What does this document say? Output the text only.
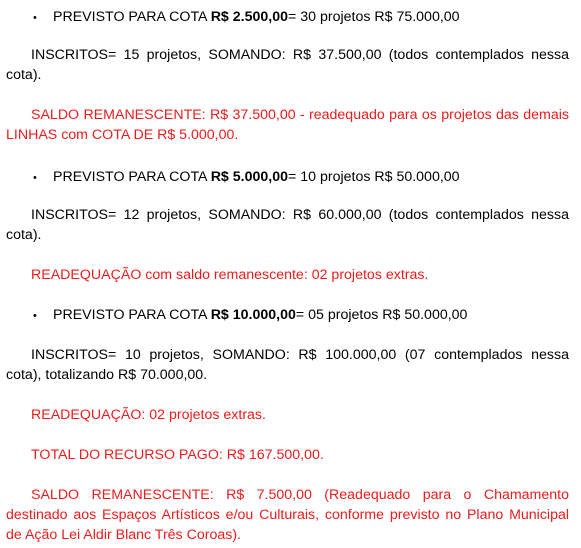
•	PREVISTO PARA COTA R$ 2.500,00= 30 projetos R$ 75.000,00

INSCRITOS= 15 projetos, SOMANDO: R$ 37.500,00 (todos contemplados nessa cota).

SALDO REMANESCENTE: R$ 37.500,00 - readequado para os projetos das demais LINHAS com COTA DE R$ 5.000,00.

•	PREVISTO PARA COTA R$ 5.000,00= 10 projetos R$ 50.000,00

INSCRITOS= 12 projetos, SOMANDO: R$ 60.000,00 (todos contemplados nessa cota).

READEQUAÇÃO com saldo remanescente: 02 projetos extras.

•	PREVISTO PARA COTA R$ 10.000,00= 05 projetos R$ 50.000,00

INSCRITOS= 10 projetos, SOMANDO: R$ 100.000,00 (07 contemplados nessa cota), totalizando R$ 70.000,00.

READEQUAÇÃO: 02 projetos extras.

TOTAL DO RECURSO PAGO: R$ 167.500,00.

SALDO REMANESCENTE: R$ 7.500,00 (Readequado para o Chamamento destinado aos Espaços Artísticos e/ou Culturais, conforme previsto no Plano Municipal de Ação Lei Aldir Blanc Três Coroas).
